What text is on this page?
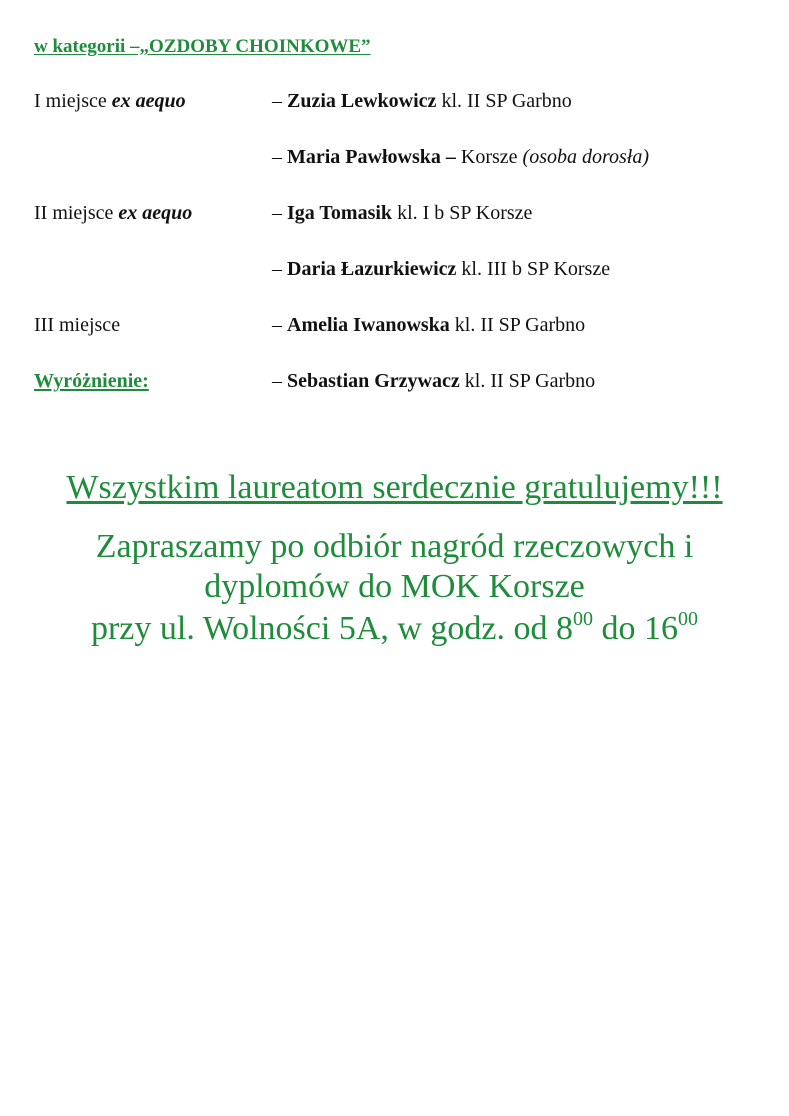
w kategorii –„OZDOBY CHOINKOWE”
I miejsce ex aequo	– Zuzia Lewkowicz kl. II SP Garbno
– Maria Pawłowska – Korsze (osoba dorosła)
II miejsce ex aequo	– Iga Tomasik kl. I b SP Korsze
– Daria Łazurkiewicz kl. III b SP Korsze
III miejsce	– Amelia Iwanowska kl. II SP Garbno
Wyróżnienie:	– Sebastian Grzywacz kl. II SP Garbno
Wszystkim laureatom serdecznie gratulujemy!!!
Zapraszamy po odbiór nagród rzeczowych i
dyplomów do MOK Korsze
przy ul. Wolności 5A, w godz. od $8^{00}$ do $16^{00}$
